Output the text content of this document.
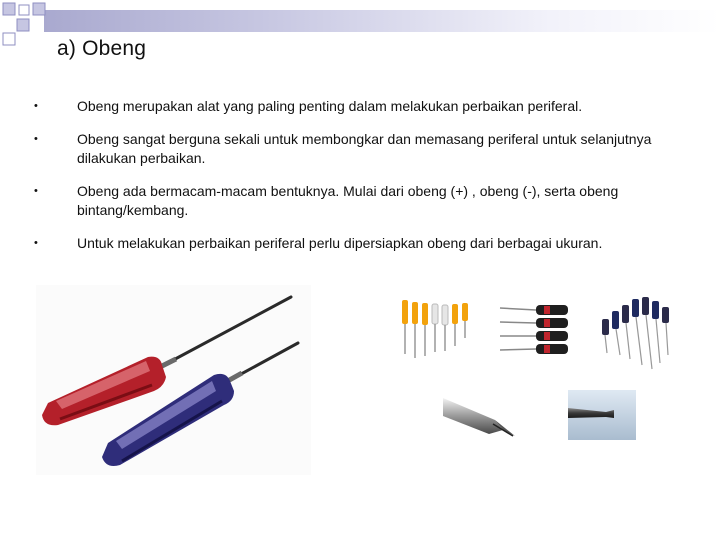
a) Obeng
•	Obeng merupakan alat yang paling penting dalam melakukan perbaikan periferal.
•	Obeng sangat berguna sekali untuk membongkar dan memasang periferal untuk selanjutnya dilakukan perbaikan.
•	Obeng ada bermacam-macam bentuknya. Mulai dari obeng (+) , obeng (-), serta obeng bintang/kembang.
•	Untuk melakukan perbaikan periferal perlu dipersiapkan obeng dari berbagai ukuran.
